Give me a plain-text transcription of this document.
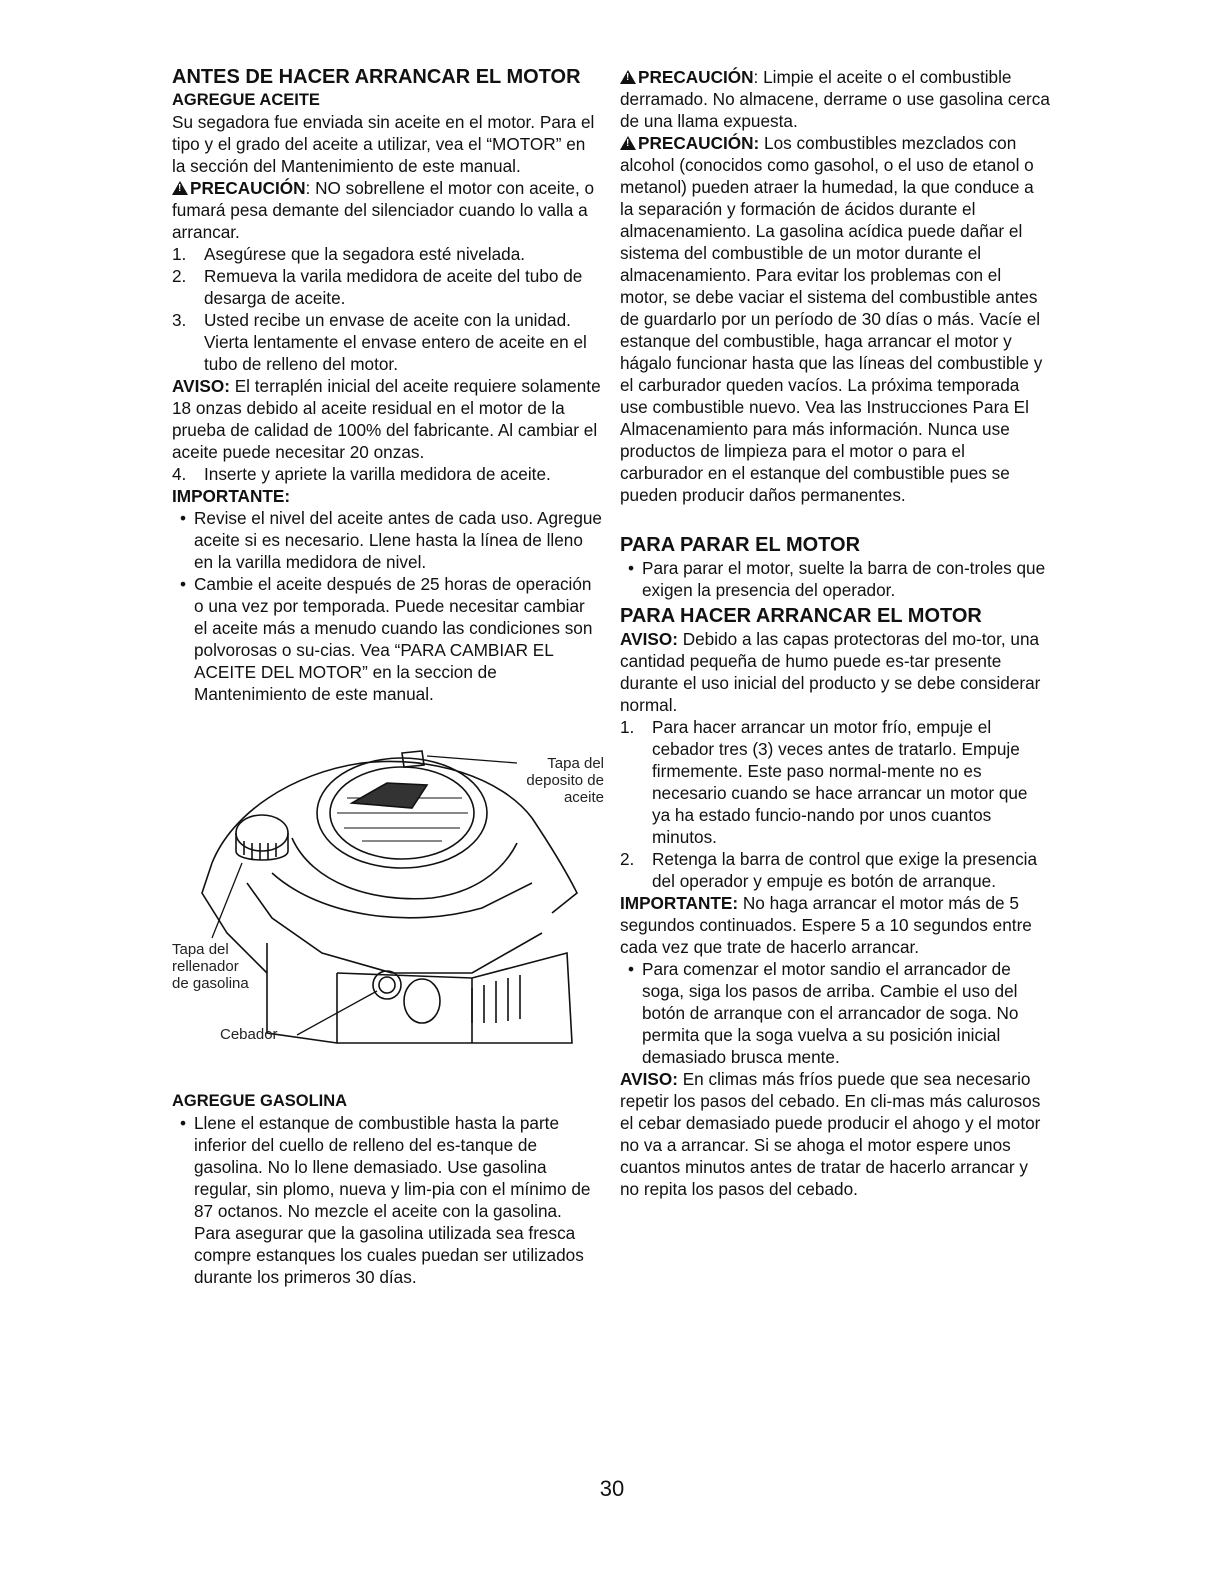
ANTES DE HACER ARRANCAR EL MOTOR

AGREGUE ACEITE

Su segadora fue enviada sin aceite en el motor. Para el tipo y el grado del aceite a utilizar, vea el “MOTOR” en la sección del Mantenimiento de este manual.

!PRECAUCIÓN: NO sobrellene el motor con aceite, o fumará pesa demante del silenciador cuando lo valla a arrancar.

1.	Asegúrese que la segadora esté nivelada.
2.	Remueva la varila medidora de aceite del tubo de desarga de aceite.
3.	Usted recibe un envase de aceite con la unidad. Vierta lentamente el envase entero de aceite en el tubo de relleno del motor.

AVISO: El terraplén inicial del aceite requiere solamente 18 onzas debido al aceite residual en el motor de la prueba de calidad de 100% del fabricante. Al cambiar el aceite puede necesitar 20 onzas.

4.	Inserte y apriete la varilla medidora de aceite.

IMPORTANTE:

• Revise el nivel del aceite antes de cada uso. Agregue aceite si es necesario. Llene hasta la línea de lleno en la varilla medidora de nivel.
• Cambie el aceite después de 25 horas de operación o una vez por temporada. Puede necesitar cambiar el aceite más a menudo cuando las condiciones son polvorosas o su-cias. Vea “PARA CAMBIAR EL ACEITE DEL MOTOR” en la seccion de Mantenimiento de este manual.
Tapa del deposito de aceite
Tapa del rellenador de gasolina
Cebador

AGREGUE GASOLINA

• Llene el estanque de combustible hasta la parte inferior del cuello de relleno del es-tanque de gasolina. No lo llene demasiado. Use gasolina regular, sin plomo, nueva y lim-pia con el mínimo de 87 octanos. No mezcle el aceite con la gasolina. Para asegurar que la gasolina utilizada sea fresca compre estanques los cuales puedan ser utilizados durante los primeros 30 días.

!PRECAUCIÓN: Limpie el aceite o el combustible derramado. No almacene, derrame o use gasolina cerca de una llama expuesta.

!PRECAUCIÓN: Los combustibles mezclados con alcohol (conocidos como gasohol, o el uso de etanol o metanol) pueden atraer la humedad, la que conduce a la separación y formación de ácidos durante el almacenamiento. La gasolina acídica puede dañar el sistema del combustible de un motor durante el almacenamiento. Para evitar los problemas con el motor, se debe vaciar el sistema del combustible antes de guardarlo por un período de 30 días o más. Vacíe el estanque del combustible, haga arrancar el motor y hágalo funcionar hasta que las líneas del combustible y el carburador queden vacíos. La próxima temporada use combustible nuevo. Vea las Instrucciones Para El Almacenamiento para más información. Nunca use productos de limpieza para el motor o para el carburador en el estanque del combustible pues se pueden producir daños permanentes.

PARA PARAR EL MOTOR

• Para parar el motor, suelte la barra de con-troles que exigen la presencia del operador.

PARA HACER ARRANCAR EL MOTOR

AVISO: Debido a las capas protectoras del mo-tor, una cantidad pequeña de humo puede es-tar presente durante el uso inicial del producto y se debe considerar normal.

1.	Para hacer arrancar un motor frío, empuje el cebador tres (3) veces antes de tratarlo. Empuje firmemente. Este paso normal-mente no es necesario cuando se hace arrancar un motor que ya ha estado funcio-nando por unos cuantos minutos.
2.	Retenga la barra de control que exige la presencia del operador y empuje es botón de arranque.

IMPORTANTE: No haga arrancar el motor más de 5 segundos continuados. Espere 5 a 10 segundos entre cada vez que trate de hacerlo arrancar.

• Para comenzar el motor sandio el arrancador de soga, siga los pasos de arriba. Cambie el uso del botón de arranque con el arrancador de soga. No permita que la soga vuelva a su posición inicial demasiado brusca mente.

AVISO: En climas más fríos puede que sea necesario repetir los pasos del cebado. En cli-mas más calurosos el cebar demasiado puede producir el ahogo y el motor no va a arrancar. Si se ahoga el motor espere unos cuantos minutos antes de tratar de hacerlo arrancar y no repita los pasos del cebado.

30
